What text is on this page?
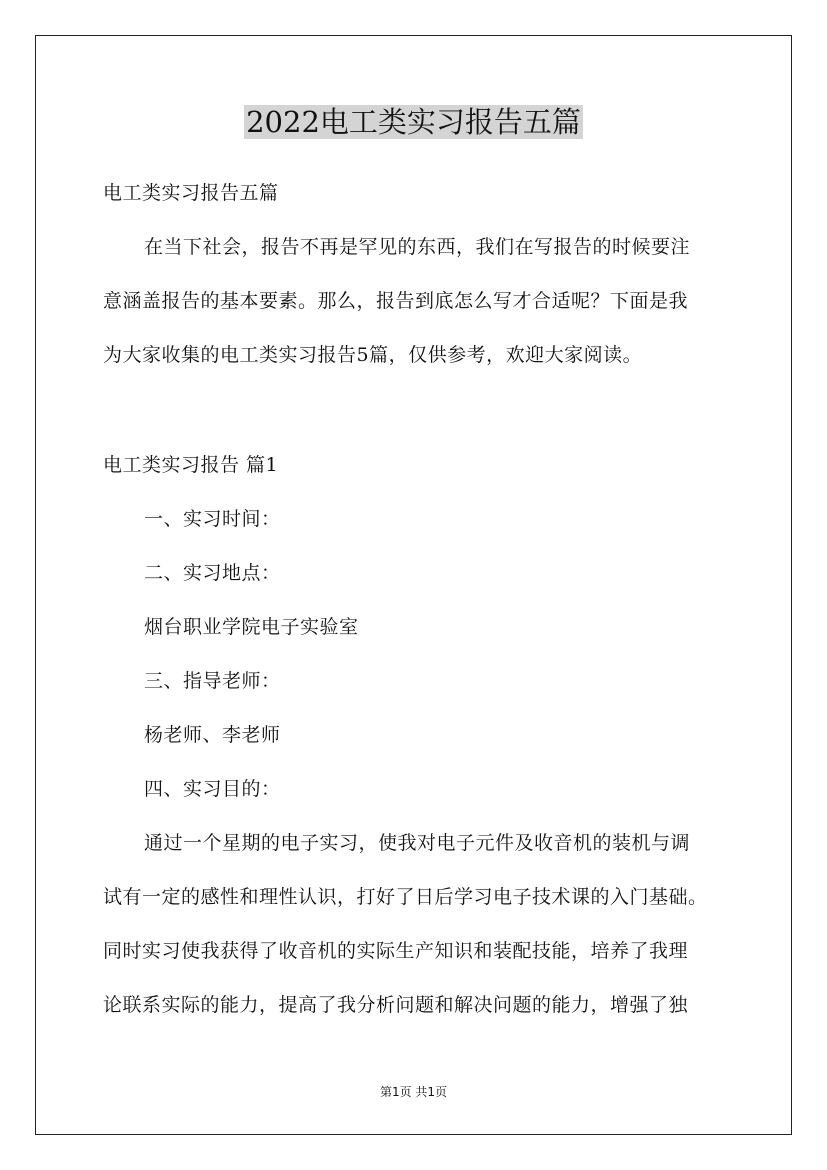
2022电工类实习报告五篇
电工类实习报告五篇
在当下社会，报告不再是罕见的东西，我们在写报告的时候要注
意涵盖报告的基本要素。那么，报告到底怎么写才合适呢？下面是我
为大家收集的电工类实习报告5篇，仅供参考，欢迎大家阅读。
电工类实习报告 篇1
一、实习时间：
二、实习地点：
烟台职业学院电子实验室
三、指导老师：
杨老师、李老师
四、实习目的：
通过一个星期的电子实习，使我对电子元件及收音机的装机与调
试有一定的感性和理性认识，打好了日后学习电子技术课的入门基础。
同时实习使我获得了收音机的实际生产知识和装配技能，培养了我理
论联系实际的能力，提高了我分析问题和解决问题的能力，增强了独
第1页 共1页
